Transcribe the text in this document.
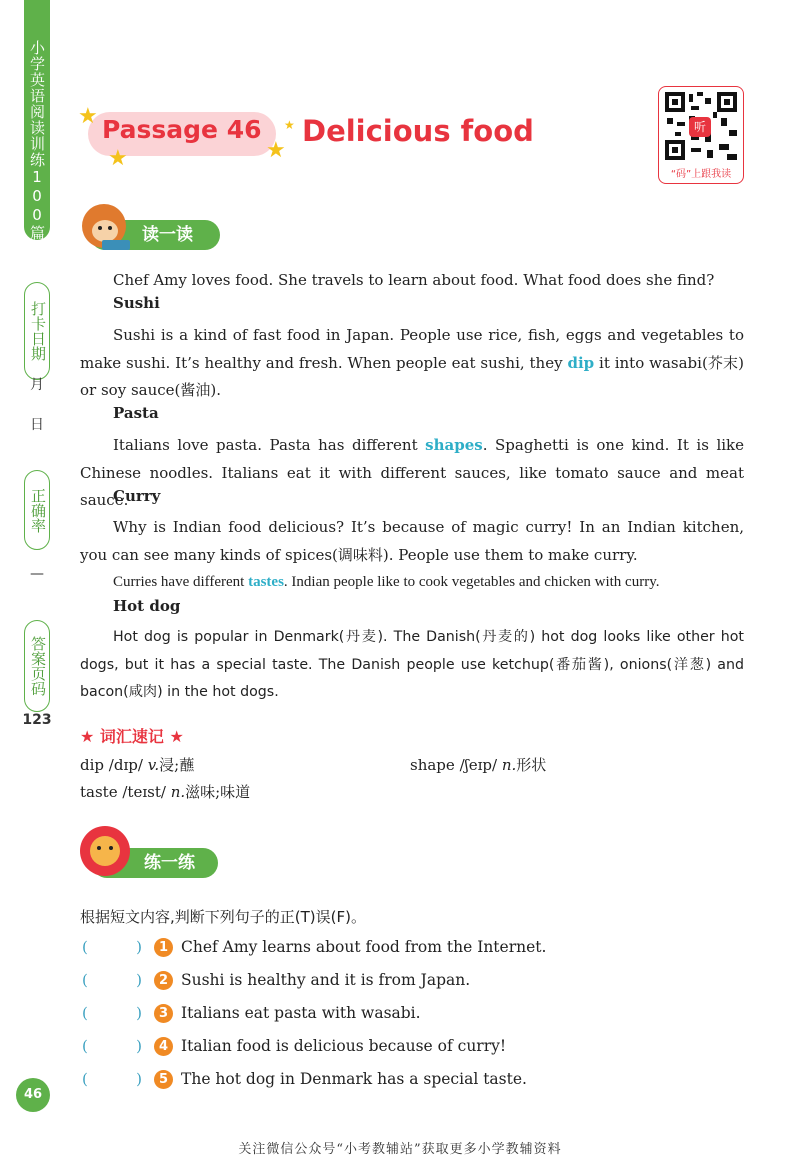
小学英语阅读训练100篇
打卡日期
月
日
正确率
—
答案页码
123
★
★	★
★
Passage 46 Delicious food	听
“码”上跟我读
读一读
Chef Amy loves food. She travels to learn about food. What food does she find?
Sushi
Sushi is a kind of fast food in Japan. People use rice, fish, eggs and vegetables to make sushi. It’s healthy and fresh. When people eat sushi, they dip it into wasabi(芥末) or soy sauce(酱油).
Pasta
Italians love pasta. Pasta has different shapes. Spaghetti is one kind. It is like Chinese noodles. Italians eat it with different sauces, like tomato sauce and meat sauce.
Curry
Why is Indian food delicious? It’s because of magic curry! In an Indian kitchen, you can see many kinds of spices(调味料). People use them to make curry.
Curries have different tastes. Indian people like to cook vegetables and chicken with curry.
Hot dog
Hot dog is popular in Denmark(丹麦). The Danish(丹麦的) hot dog looks like other hot dogs, but it has a special taste. The Danish people use ketchup(番茄酱), onions(洋葱) and bacon(咸肉) in the hot dogs.
★ 词汇速记 ★
dip /dɪp/ v.浸;蘸	shape /ʃeɪp/ n.形状
taste /teɪst/ n.滋味;味道
练一练
根据短文内容,判断下列句子的正(T)误(F)。
(	)	1 Chef Amy learns about food from the Internet.
(	)	2 Sushi is healthy and it is from Japan.
(	)	3 Italians eat pasta with wasabi.
(	)	4 Italian food is delicious because of curry!
(	)	5 The hot dog in Denmark has a special taste.
46
关注微信公众号“小考教辅站”获取更多小学教辅资料
